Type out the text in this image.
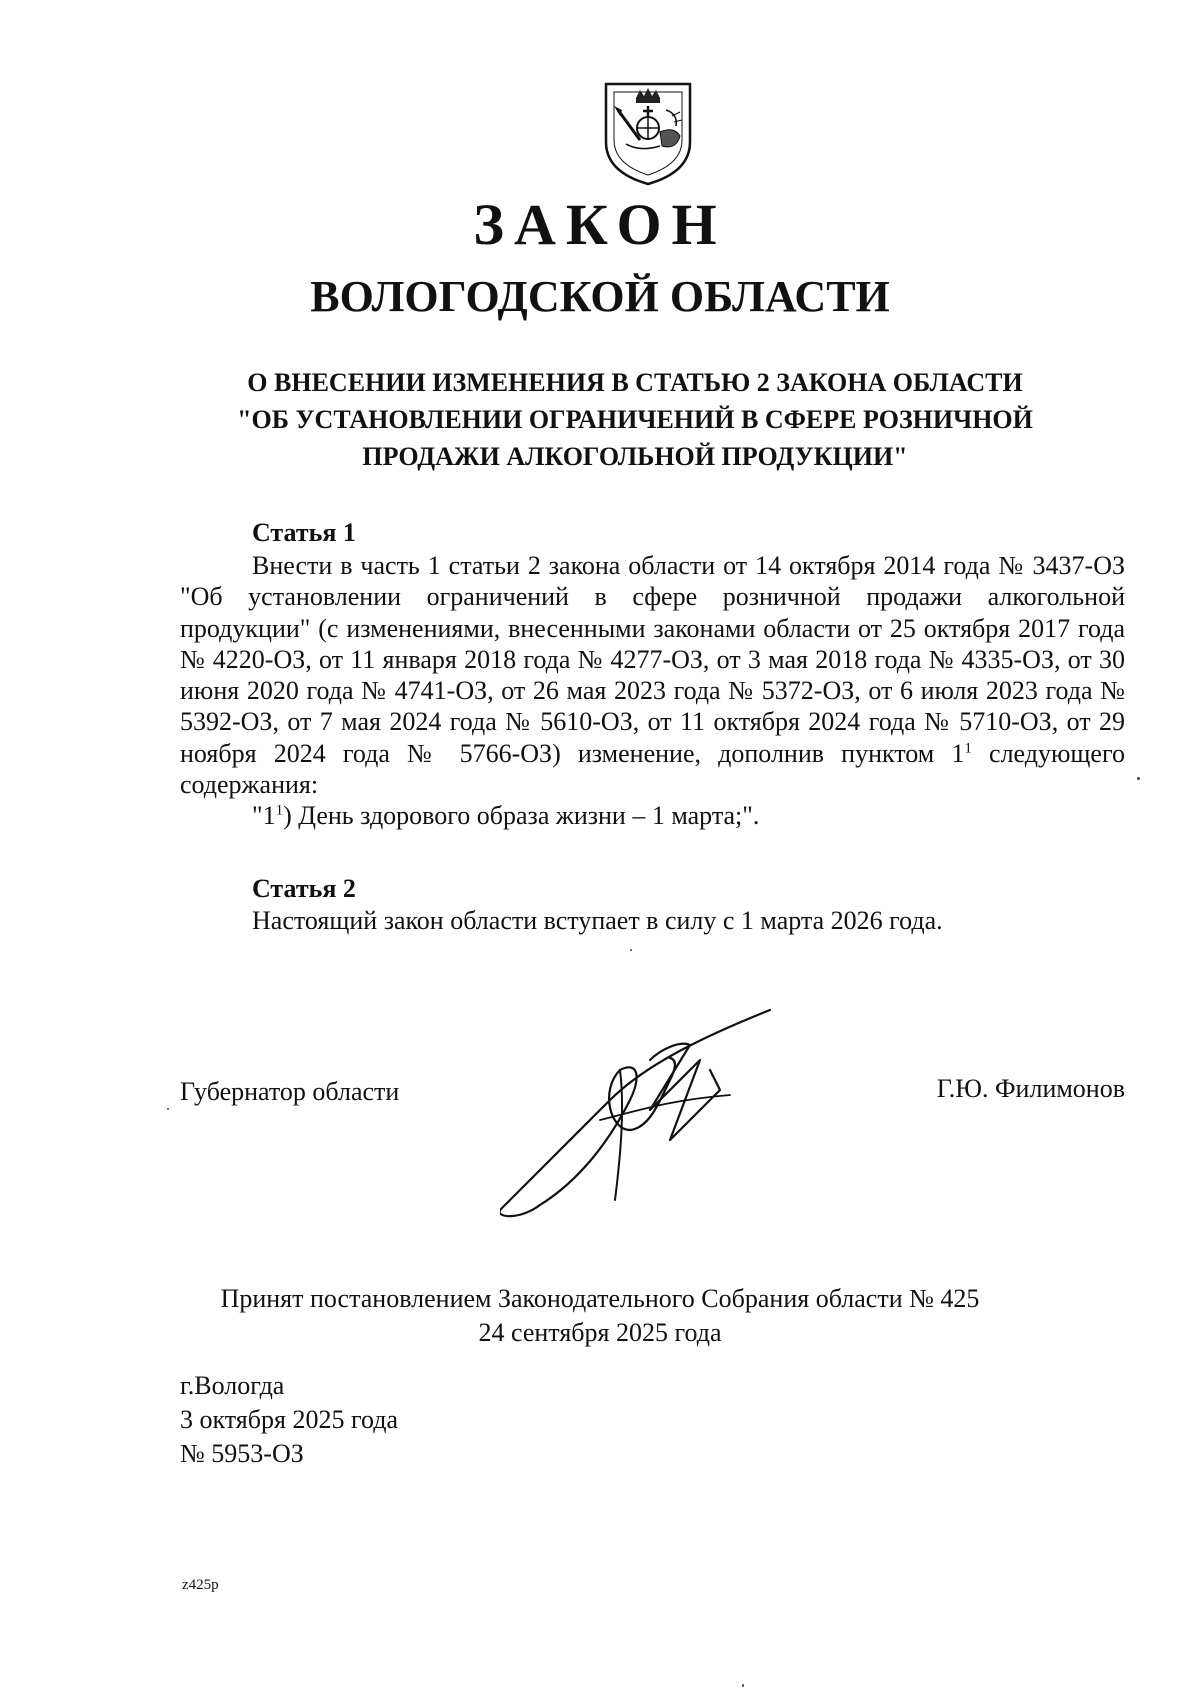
ЗАКОН
ВОЛОГОДСКОЙ ОБЛАСТИ
О ВНЕСЕНИИ ИЗМЕНЕНИЯ В СТАТЬЮ 2 ЗАКОНА ОБЛАСТИ
"ОБ УСТАНОВЛЕНИИ ОГРАНИЧЕНИЙ В СФЕРЕ РОЗНИЧНОЙ
ПРОДАЖИ АЛКОГОЛЬНОЙ ПРОДУКЦИИ"
Статья 1

Внести в часть 1 статьи 2 закона области от 14 октября 2014 года № 3437-ОЗ "Об установлении ограничений в сфере розничной продажи алкогольной продукции" (с изменениями, внесенными законами области от 25 октября 2017 года № 4220-ОЗ, от 11 января 2018 года № 4277-ОЗ, от 3 мая 2018 года № 4335-ОЗ, от 30 июня 2020 года № 4741-ОЗ, от 26 мая 2023 года № 5372-ОЗ, от 6 июля 2023 года № 5392-ОЗ, от 7 мая 2024 года № 5610-ОЗ, от 11 октября 2024 года № 5710-ОЗ, от 29 ноября 2024 года № 5766-ОЗ) изменение, дополнив пунктом $1^1$ следующего содержания:

"$1^1$) День здорового образа жизни – 1 марта;".

Статья 2

Настоящий закон области вступает в силу с 1 марта 2026 года.

Губернатор области	Г.Ю. Филимонов
Принят постановлением Законодательного Собрания области № 425
24 сентября 2025 года
г.Вологда
3 октября 2025 года
№ 5953-ОЗ
z425p
